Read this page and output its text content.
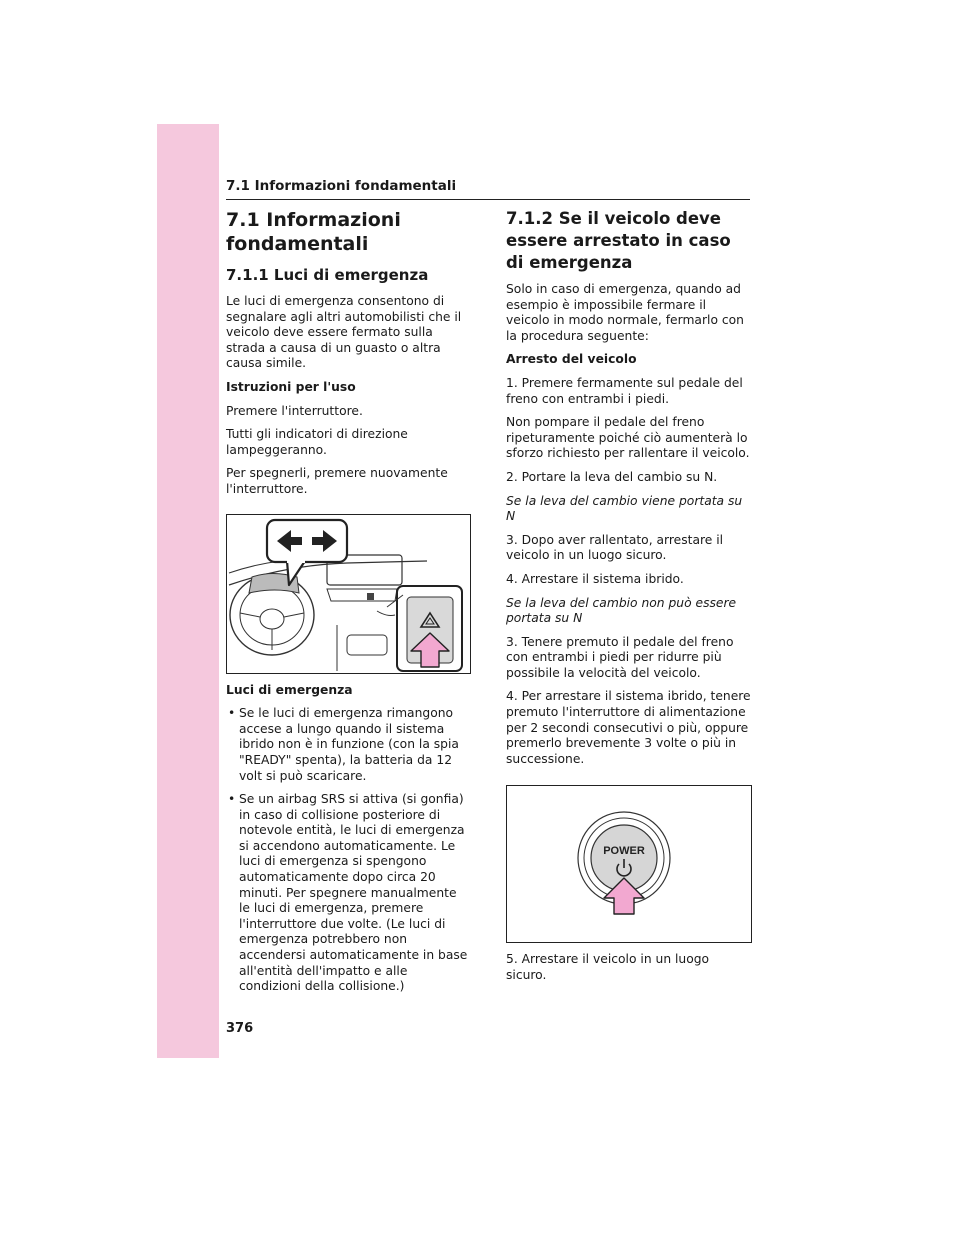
7.1 Informazioni fondamentali
7.1 Informazioni fondamentali
7.1.1 Luci di emergenza

Le luci di emergenza consentono di segnalare agli altri automobilisti che il veicolo deve essere fermato sulla strada a causa di un guasto o altra causa simile.

Istruzioni per l'uso

Premere l'interruttore.

Tutti gli indicatori di direzione lampeggeranno.

Per spegnerli, premere nuovamente l'interruttore.

Luci di emergenza

• Se le luci di emergenza rimangono accese a lungo quando il sistema ibrido non è in funzione (con la spia "READY" spenta), la batteria da 12 volt si può scaricare.
• Se un airbag SRS si attiva (si gonfia) in caso di collisione posteriore di notevole entità, le luci di emergenza si accendono automaticamente. Le luci di emergenza si spengono automaticamente dopo circa 20 minuti. Per spegnere manualmente le luci di emergenza, premere l'interruttore due volte. (Le luci di emergenza potrebbero non accendersi automaticamente in base all'entità dell'impatto e alle condizioni della collisione.)
7.1.2 Se il veicolo deve essere arrestato in caso di emergenza

Solo in caso di emergenza, quando ad esempio è impossibile fermare il veicolo in modo normale, fermarlo con la procedura seguente:

Arresto del veicolo

1. Premere fermamente sul pedale del freno con entrambi i piedi.

Non pompare il pedale del freno ripeturamente poiché ciò aumenterà lo sforzo richiesto per rallentare il veicolo.

2. Portare la leva del cambio su N.

Se la leva del cambio viene portata su N

3. Dopo aver rallentato, arrestare il veicolo in un luogo sicuro.

4. Arrestare il sistema ibrido.

Se la leva del cambio non può essere portata su N

3. Tenere premuto il pedale del freno con entrambi i piedi per ridurre più possibile la velocità del veicolo.

4. Per arrestare il sistema ibrido, tenere premuto l'interruttore di alimentazione per 2 secondi consecutivi o più, oppure premerlo brevemente 3 volte o più in successione.

POWER

5. Arrestare il veicolo in un luogo sicuro.

376
